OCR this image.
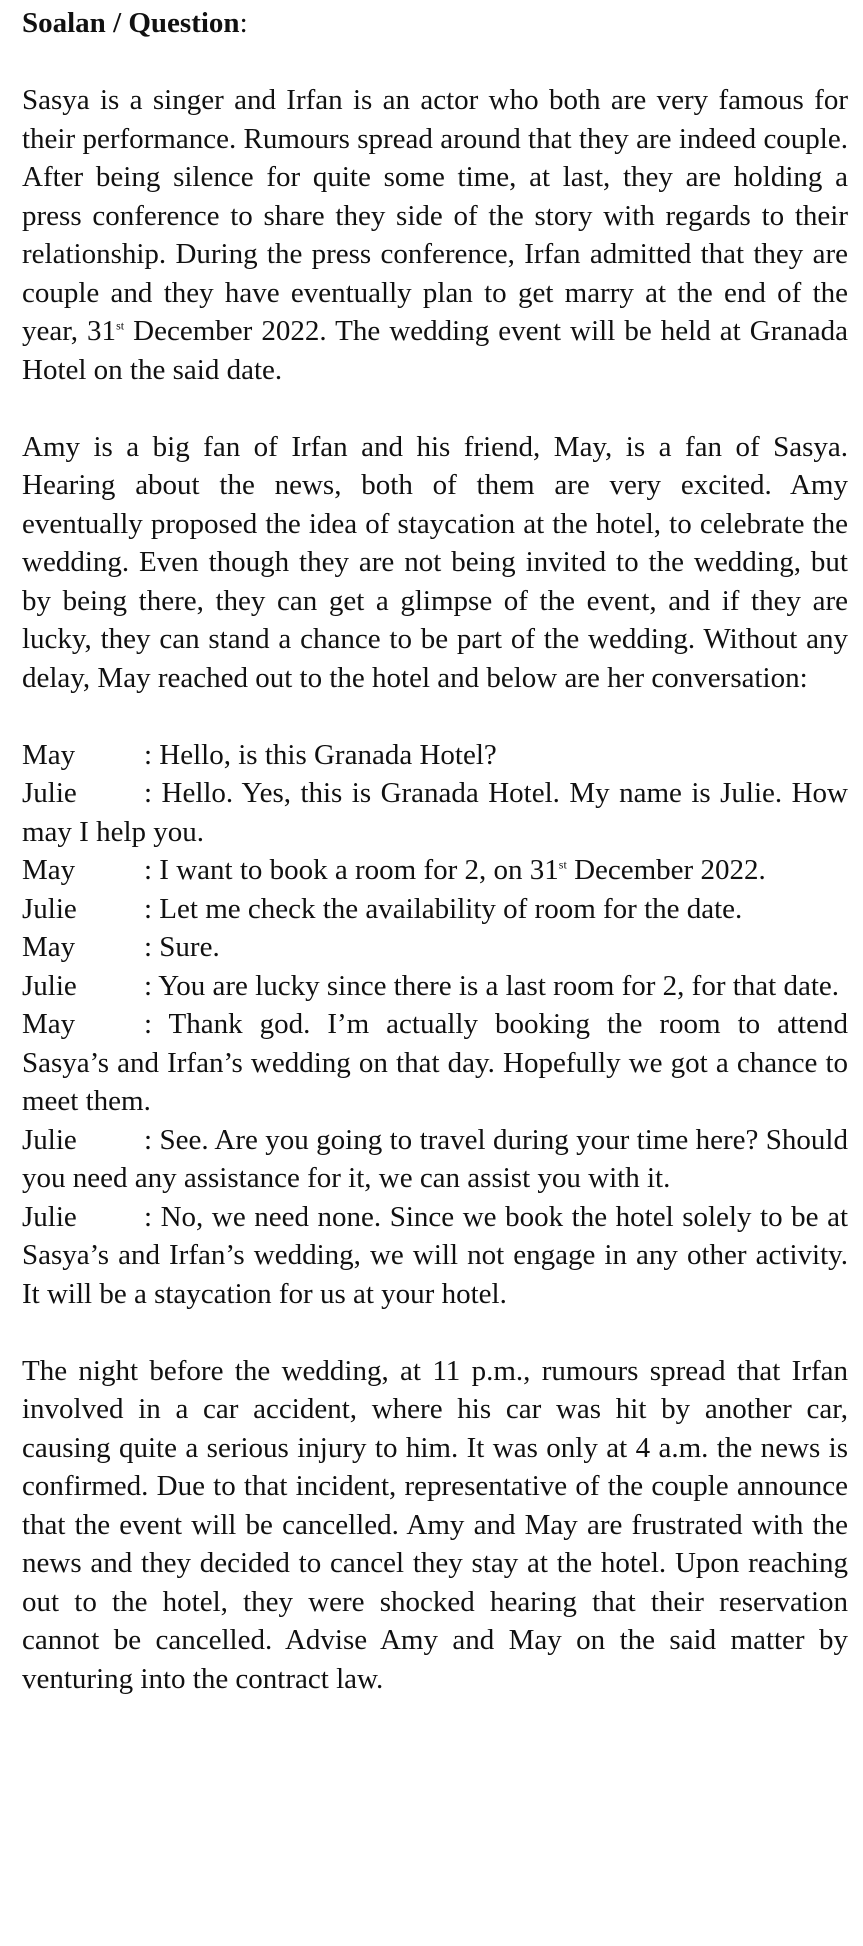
Soalan / Question:
Sasya is a singer and Irfan is an actor who both are very famous for their performance. Rumours spread around that they are indeed couple. After being silence for quite some time, at last, they are holding a press conference to share they side of the story with regards to their relationship. During the press conference, Irfan admitted that they are couple and they have eventually plan to get marry at the end of the year, 31st December 2022. The wedding event will be held at Granada Hotel on the said date.
Amy is a big fan of Irfan and his friend, May, is a fan of Sasya. Hearing about the news, both of them are very excited. Amy eventually proposed the idea of staycation at the hotel, to celebrate the wedding. Even though they are not being invited to the wedding, but by being there, they can get a glimpse of the event, and if they are lucky, they can stand a chance to be part of the wedding. Without any delay, May reached out to the hotel and below are her conversation:
May : Hello, is this Granada Hotel?
Julie : Hello. Yes, this is Granada Hotel. My name is Julie. How may I help you.
May : I want to book a room for 2, on 31st December 2022.
Julie : Let me check the availability of room for the date.
May : Sure.
Julie : You are lucky since there is a last room for 2, for that date.
May : Thank god. I’m actually booking the room to attend Sasya’s and Irfan’s wedding on that day. Hopefully we got a chance to meet them.
Julie : See. Are you going to travel during your time here? Should you need any assistance for it, we can assist you with it.
Julie : No, we need none. Since we book the hotel solely to be at Sasya’s and Irfan’s wedding, we will not engage in any other activity. It will be a staycation for us at your hotel.
The night before the wedding, at 11 p.m., rumours spread that Irfan involved in a car accident, where his car was hit by another car, causing quite a serious injury to him. It was only at 4 a.m. the news is confirmed. Due to that incident, representative of the couple announce that the event will be cancelled. Amy and May are frustrated with the news and they decided to cancel they stay at the hotel. Upon reaching out to the hotel, they were shocked hearing that their reservation cannot be cancelled. Advise Amy and May on the said matter by venturing into the contract law.
